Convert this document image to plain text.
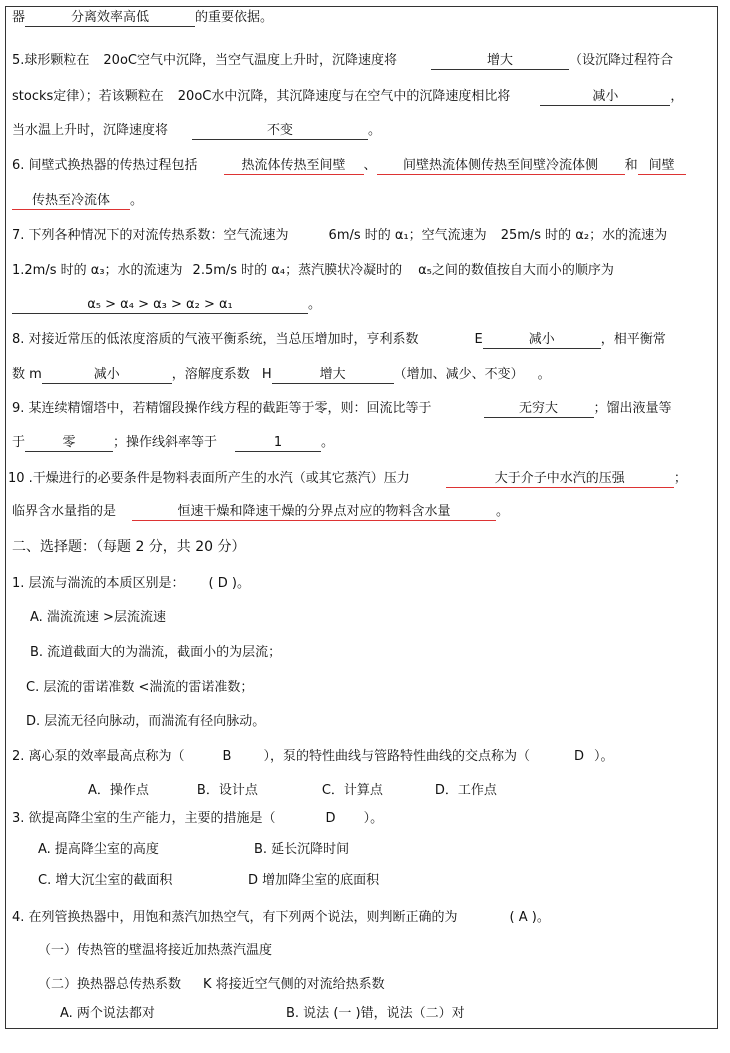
器	分离效率高低	的重要依据。
5.球形颗粒在 20oC空气中沉降，当空气温度上升时，沉降速度将	增大	（设沉降过程符合
stocks定律）；若该颗粒在 20oC水中沉降，其沉降速度与在空气中的沉降速度相比将	减小	，
当水温上升时，沉降速度将	不变	。
6. 间壁式换热器的传热过程包括	热流体传热至间壁 、 间壁热流体侧传热至间壁冷流体侧 和 间壁
传热至冷流体 。
7. 下列各种情况下的对流传热系数：空气流速为	6m/s 时的 α₁；空气流速为 25m/s 时的 α₂；水的流速为
1.2m/s 时的 α₃；水的流速为 2.5m/s 时的 α₄；蒸汽膜状冷凝时的 α₅之间的数值按自大而小的顺序为
α₅ > α₄ > α₃ > α₂ > α₁	。
8. 对接近常压的低浓度溶质的气液平衡系统，当总压增加时，亨利系数	E	减小	，相平衡常
数 m	减小	，溶解度系数 H	增大	（增加、减少、不变） 。
9. 某连续精馏塔中，若精馏段操作线方程的截距等于零，则：回流比等于	无穷大	；馏出液量等
于	零	；操作线斜率等于	1	。
10 .干燥进行的必要条件是物料表面所产生的水汽（或其它蒸汽）压力	大于介子中水汽的压强	；
临界含水量指的是	恒速干燥和降速干燥的分界点对应的物料含水量	。
二、选择题：（每题 2 分，共 20 分）
1. 层流与湍流的本质区别是： ( D )。
A. 湍流流速 >层流流速
B. 流道截面大的为湍流，截面小的为层流；
C. 层流的雷诺准数 <湍流的雷诺准数；
D. 层流无径向脉动，而湍流有径向脉动。
2. 离心泵的效率最高点称为（	B ），泵的特性曲线与管路特性曲线的交点称为（	D ）。
A．操作点	B．设计点	C．计算点	D．工作点
3. 欲提高降尘室的生产能力，主要的措施是（	D ）。
A. 提高降尘室的高度	B. 延长沉降时间
C. 增大沉尘室的截面积	D 增加降尘室的底面积
4. 在列管换热器中，用饱和蒸汽加热空气，有下列两个说法，则判断正确的为	( A )。
（一）传热管的壁温将接近加热蒸汽温度
（二）换热器总传热系数 K 将接近空气侧的对流给热系数
A. 两个说法都对	B. 说法 (一 )错，说法（二）对
